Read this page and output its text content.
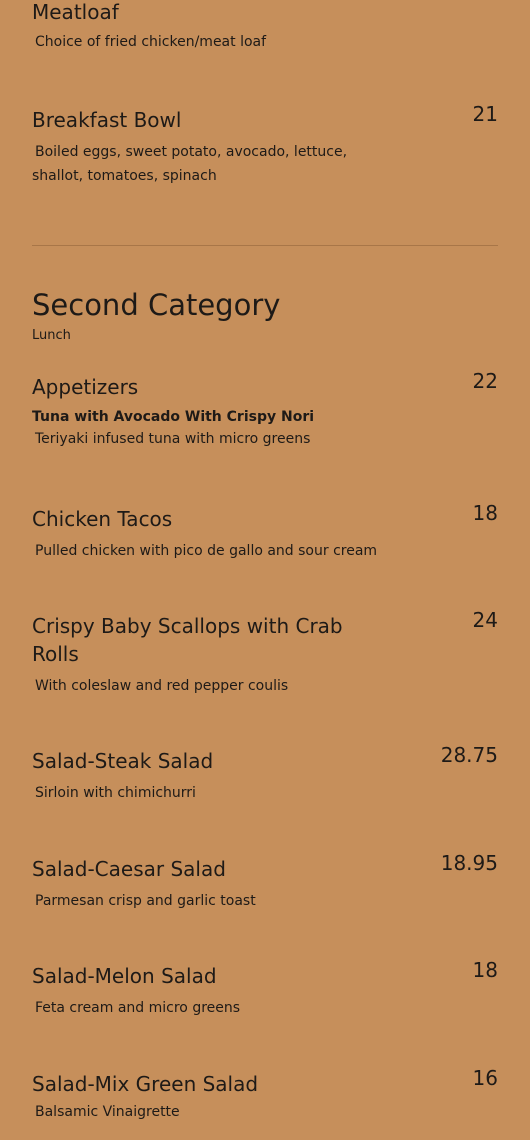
Meatloaf
Choice of fried chicken/meat loaf
Breakfast Bowl	21
Boiled eggs, sweet potato, avocado, lettuce, shallot, tomatoes, spinach
Second Category
Lunch
Appetizers	22
Tuna with Avocado With Crispy Nori
Teriyaki infused tuna with micro greens
Chicken Tacos	18
Pulled chicken with pico de gallo and sour cream
Crispy Baby Scallops with Crab Rolls
24
With coleslaw and red pepper coulis
Salad-Steak Salad	28.75
Sirloin with chimichurri
Salad-Caesar Salad	18.95
Parmesan crisp and garlic toast
Salad-Melon Salad	18
Feta cream and micro greens
Salad-Mix Green Salad	16
Balsamic Vinaigrette
